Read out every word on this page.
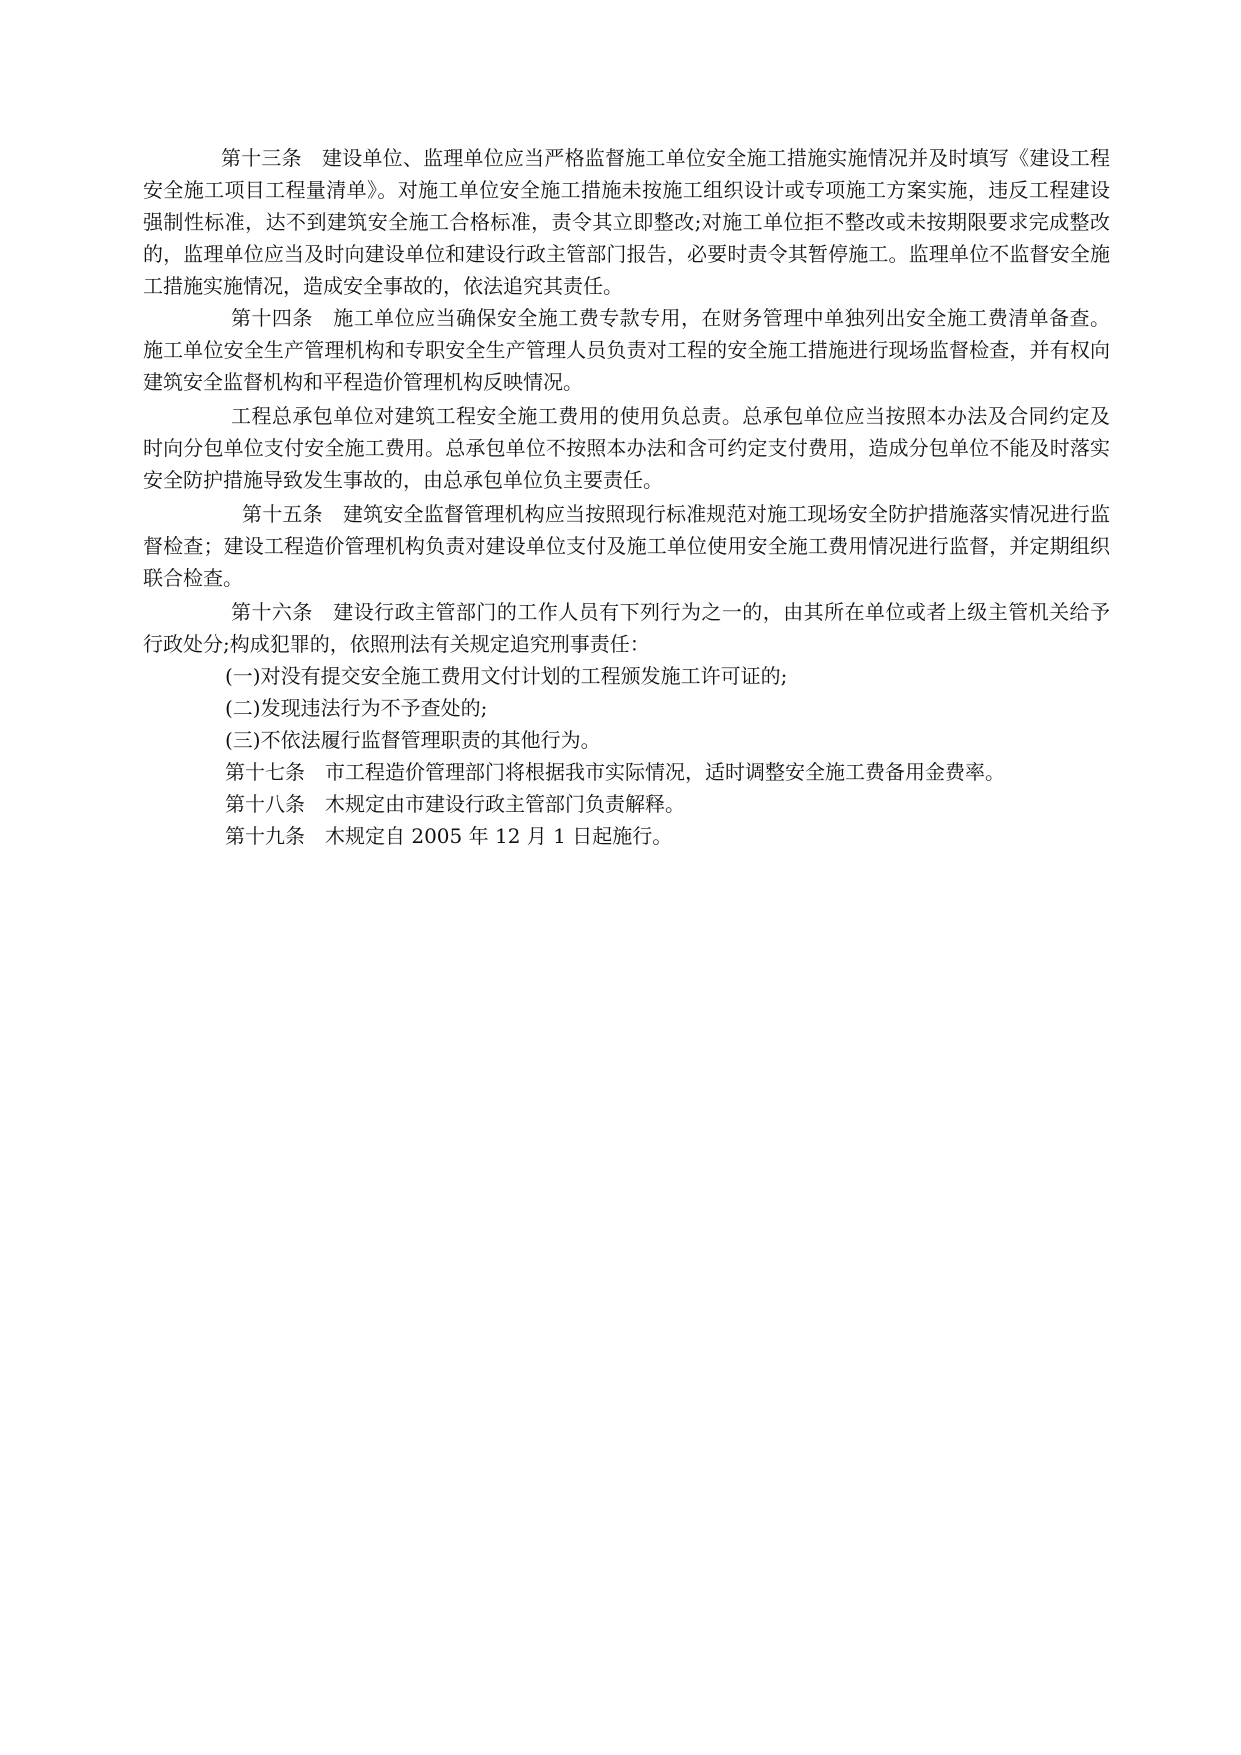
第十三条  建设单位、监理单位应当严格监督施工单位安全施工措施实施情况并及时填写《建设工程安全施工项目工程量清单》。对施工单位安全施工措施未按施工组织设计或专项施工方案实施，违反工程建设强制性标准，达不到建筑安全施工合格标准，责令其立即整改;对施工单位拒不整改或未按期限要求完成整改的，监理单位应当及时向建设单位和建设行政主管部门报告，必要时责令其暂停施工。监理单位不监督安全施工措施实施情况，造成安全事故的，依法追究其责任。

第十四条  施工单位应当确保安全施工费专款专用，在财务管理中单独列出安全施工费清单备查。施工单位安全生产管理机构和专职安全生产管理人员负责对工程的安全施工措施进行现场监督检查，并有权向建筑安全监督机构和平程造价管理机构反映情况。

工程总承包单位对建筑工程安全施工费用的使用负总责。总承包单位应当按照本办法及合同约定及时向分包单位支付安全施工费用。总承包单位不按照本办法和含可约定支付费用，造成分包单位不能及时落实安全防护措施导致发生事故的，由总承包单位负主要责任。

第十五条  建筑安全监督管理机构应当按照现行标准规范对施工现场安全防护措施落实情况进行监督检查；建设工程造价管理机构负责对建设单位支付及施工单位使用安全施工费用情况进行监督，并定期组织联合检查。

第十六条  建设行政主管部门的工作人员有下列行为之一的，由其所在单位或者上级主管机关给予行政处分;构成犯罪的，依照刑法有关规定追究刑事责任：

(一)对没有提交安全施工费用文付计划的工程颁发施工许可证的;

(二)发现违法行为不予查处的;

(三)不依法履行监督管理职责的其他行为。

第十七条  市工程造价管理部门将根据我市实际情况，适时调整安全施工费备用金费率。

第十八条  木规定由市建设行政主管部门负责解释。

第十九条  木规定自 2005 年 12 月 1 日起施行。
